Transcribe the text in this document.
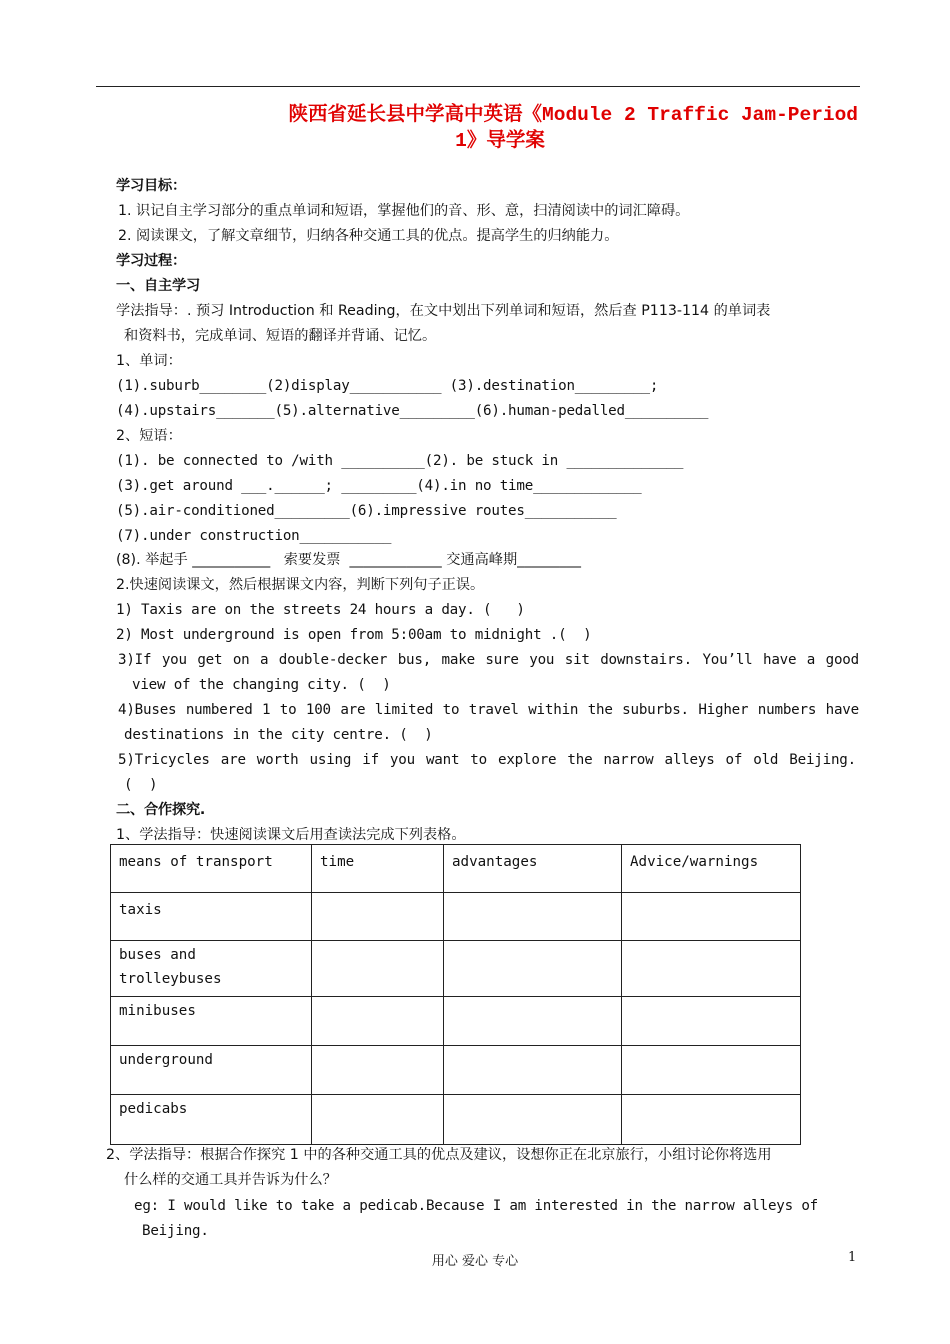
陕西省延长县中学高中英语《Module 2 Traffic Jam-Period
1》导学案
学习目标：
1. 识记自主学习部分的重点单词和短语，掌握他们的音、形、意，扫清阅读中的词汇障碍。
2. 阅读课文，了解文章细节，归纳各种交通工具的优点。提高学生的归纳能力。
学习过程：
一、自主学习
学法指导：. 预习 Introduction 和 Reading，在文中划出下列单词和短语，然后查 P113-114 的单词表
和资料书，完成单词、短语的翻译并背诵、记忆。
1、单词：
(1).suburb________(2)display___________ (3).destination_________;
(4).upstairs_______(5).alternative_________(6).human-pedalled__________
2、短语：
(1). be connected to /with __________(2). be stuck in ______________
(3).get around ___.______; _________(4).in no time_____________
(5).air-conditioned_________(6).impressive routes___________
(7).under construction___________
(8). 举起手 ___________   索要发票  _____________ 交通高峰期_________
2.快速阅读课文，然后根据课文内容，判断下列句子正误。
1) Taxis are on the streets 24 hours a day. (   )
2) Most underground is open from 5:00am to midnight .(  )
3)If you get on a double-decker bus, make sure you sit downstairs. You’ll have a good
view of the changing city. (  )
4)Buses numbered 1 to 100 are limited to travel within the suburbs. Higher numbers have
destinations in the city centre. (  )
5)Tricycles are worth using if you want to explore the narrow alleys of old Beijing.
(  )
二、合作探究.
1、学法指导：快速阅读课文后用查读法完成下列表格。
means of transport	time	advantages	Advice/warnings
taxis			
buses and trolleybuses			
minibuses			
underground			
pedicabs			
2、学法指导：根据合作探究 1 中的各种交通工具的优点及建议，设想你正在北京旅行，小组讨论你将选用
什么样的交通工具并告诉为什么？
eg: I would like to take a pedicab.Because I am interested in the narrow alleys of
Beijing.
用心 爱心 专心	1
